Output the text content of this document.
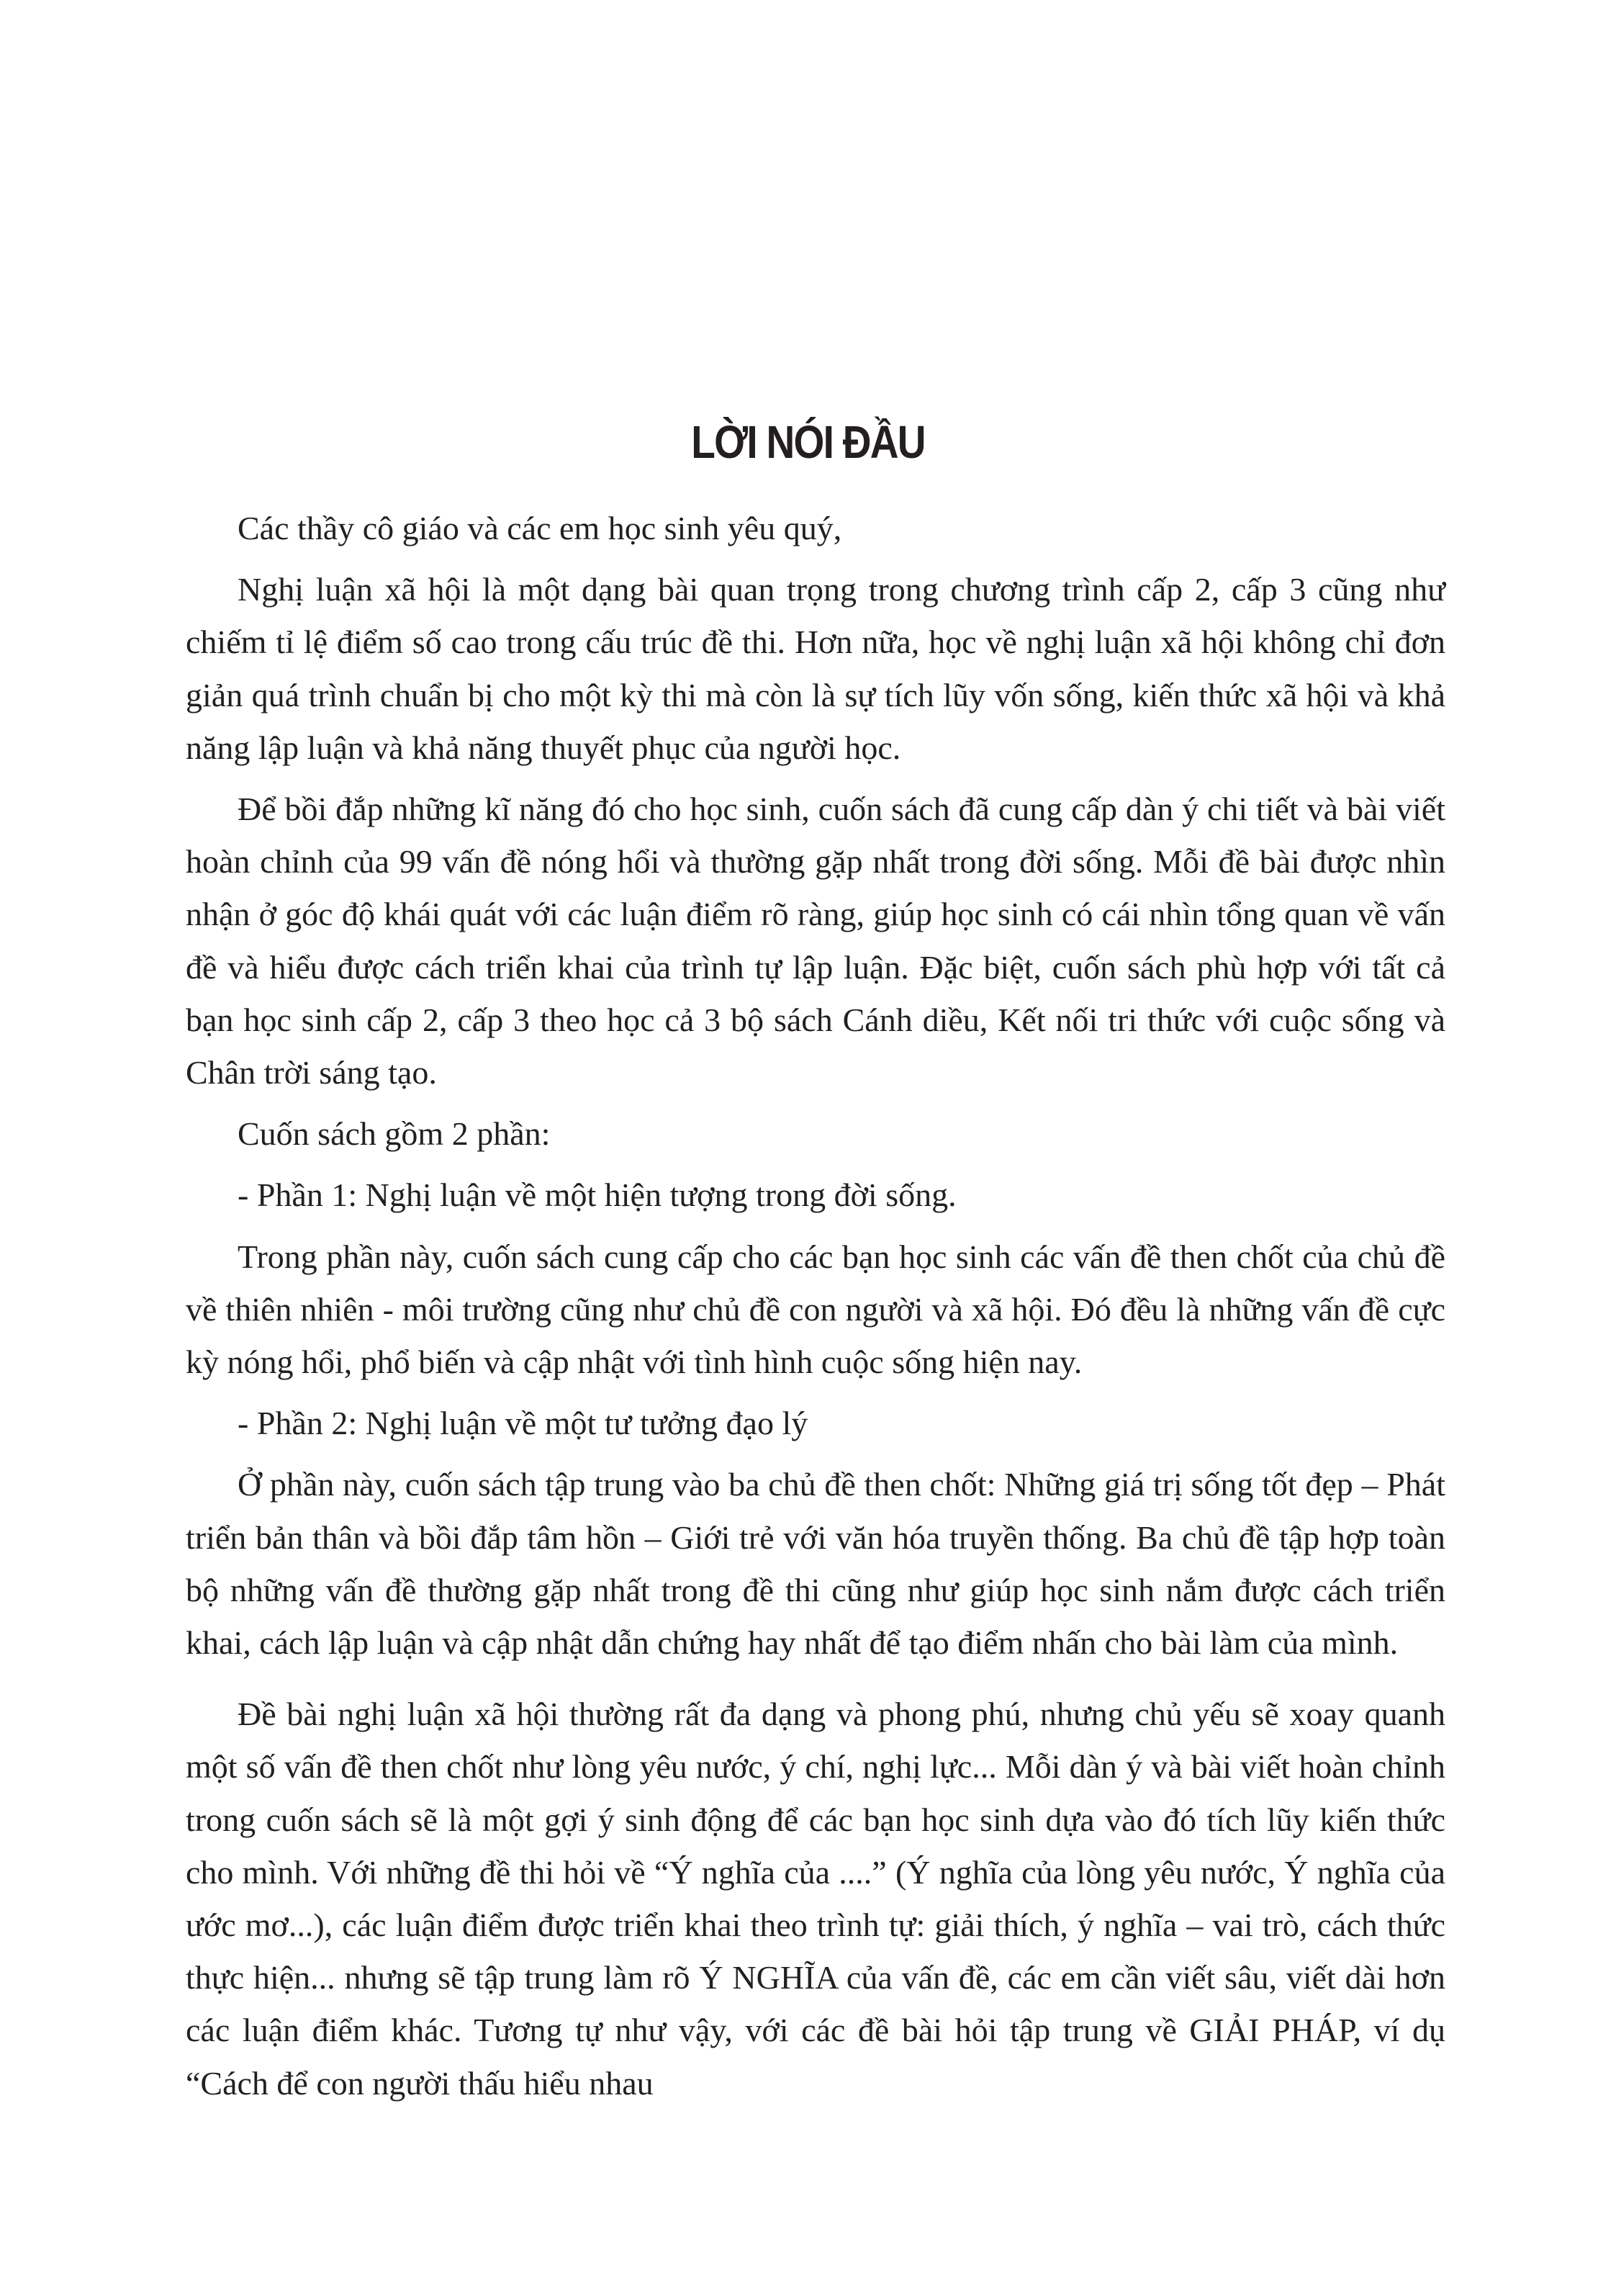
LỜI NÓI ĐẦU

Các thầy cô giáo và các em học sinh yêu quý,

Nghị luận xã hội là một dạng bài quan trọng trong chương trình cấp 2, cấp 3 cũng như chiếm tỉ lệ điểm số cao trong cấu trúc đề thi. Hơn nữa, học về nghị luận xã hội không chỉ đơn giản quá trình chuẩn bị cho một kỳ thi mà còn là sự tích lũy vốn sống, kiến thức xã hội và khả năng lập luận và khả năng thuyết phục của người học.

Để bồi đắp những kĩ năng đó cho học sinh, cuốn sách đã cung cấp dàn ý chi tiết và bài viết hoàn chỉnh của 99 vấn đề nóng hổi và thường gặp nhất trong đời sống. Mỗi đề bài được nhìn nhận ở góc độ khái quát với các luận điểm rõ ràng, giúp học sinh có cái nhìn tổng quan về vấn đề và hiểu được cách triển khai của trình tự lập luận. Đặc biệt, cuốn sách phù hợp với tất cả bạn học sinh cấp 2, cấp 3 theo học cả 3 bộ sách Cánh diều, Kết nối tri thức với cuộc sống và Chân trời sáng tạo.

Cuốn sách gồm 2 phần:

- Phần 1: Nghị luận về một hiện tượng trong đời sống.

Trong phần này, cuốn sách cung cấp cho các bạn học sinh các vấn đề then chốt của chủ đề về thiên nhiên - môi trường cũng như chủ đề con người và xã hội. Đó đều là những vấn đề cực kỳ nóng hổi, phổ biến và cập nhật với tình hình cuộc sống hiện nay.

- Phần 2: Nghị luận về một tư tưởng đạo lý

Ở phần này, cuốn sách tập trung vào ba chủ đề then chốt: Những giá trị sống tốt đẹp – Phát triển bản thân và bồi đắp tâm hồn – Giới trẻ với văn hóa truyền thống. Ba chủ đề tập hợp toàn bộ những vấn đề thường gặp nhất trong đề thi cũng như giúp học sinh nắm được cách triển khai, cách lập luận và cập nhật dẫn chứng hay nhất để tạo điểm nhấn cho bài làm của mình.

Đề bài nghị luận xã hội thường rất đa dạng và phong phú, nhưng chủ yếu sẽ xoay quanh một số vấn đề then chốt như lòng yêu nước, ý chí, nghị lực... Mỗi dàn ý và bài viết hoàn chỉnh trong cuốn sách sẽ là một gợi ý sinh động để các bạn học sinh dựa vào đó tích lũy kiến thức cho mình. Với những đề thi hỏi về “Ý nghĩa của ....” (Ý nghĩa của lòng yêu nước, Ý nghĩa của ước mơ...), các luận điểm được triển khai theo trình tự: giải thích, ý nghĩa – vai trò, cách thức thực hiện... nhưng sẽ tập trung làm rõ Ý NGHĨA của vấn đề, các em cần viết sâu, viết dài hơn các luận điểm khác. Tương tự như vậy, với các đề bài hỏi tập trung về GIẢI PHÁP, ví dụ “Cách để con người thấu hiểu nhau
